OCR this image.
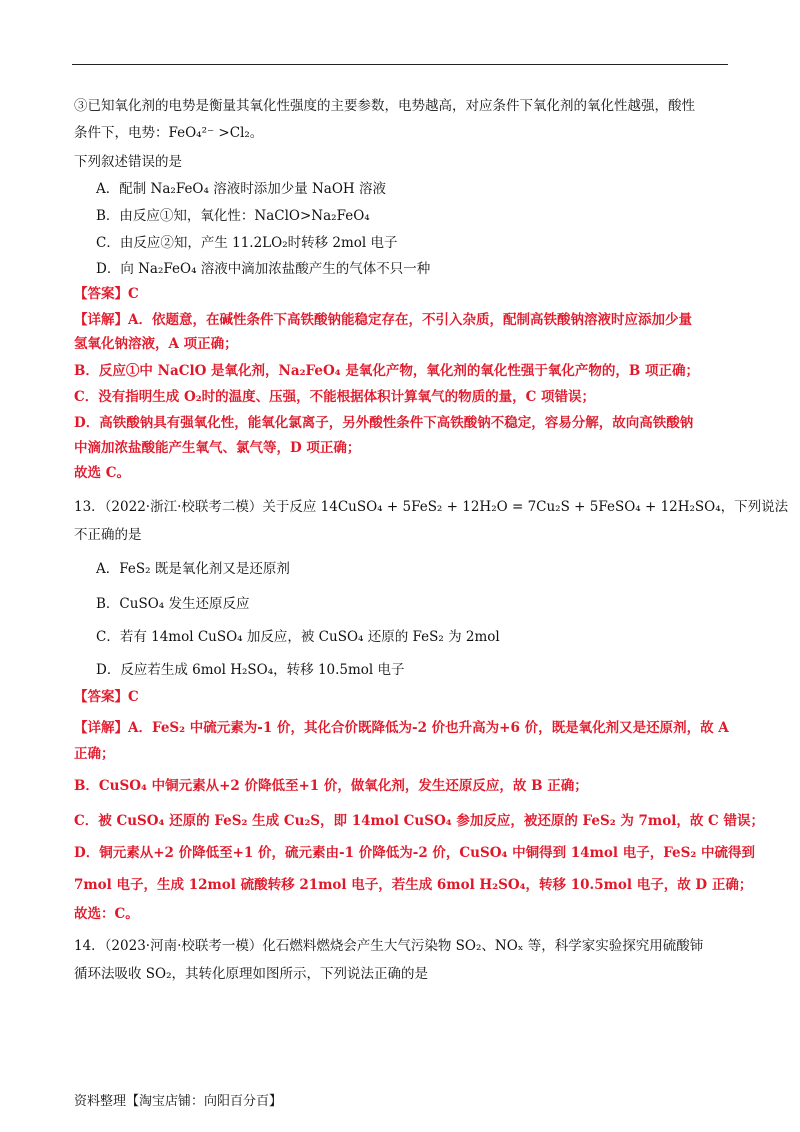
③已知氧化剂的电势是衡量其氧化性强度的主要参数，电势越高，对应条件下氧化剂的氧化性越强，酸性
条件下，电势：FeO₄²⁻ >Cl₂。
下列叙述错误的是
A．配制 Na₂FeO₄ 溶液时添加少量 NaOH 溶液
B．由反应①知，氧化性：NaClO>Na₂FeO₄
C．由反应②知，产生 11.2LO₂时转移 2mol 电子
D．向 Na₂FeO₄ 溶液中滴加浓盐酸产生的气体不只一种
【答案】C
【详解】A．依题意，在碱性条件下高铁酸钠能稳定存在，不引入杂质，配制高铁酸钠溶液时应添加少量
氢氧化钠溶液，A 项正确；
B．反应①中 NaClO 是氧化剂，Na₂FeO₄ 是氧化产物，氧化剂的氧化性强于氧化产物的，B 项正确；
C．没有指明生成 O₂时的温度、压强，不能根据体积计算氧气的物质的量，C 项错误；
D．高铁酸钠具有强氧化性，能氧化氯离子，另外酸性条件下高铁酸钠不稳定，容易分解，故向高铁酸钠
中滴加浓盐酸能产生氧气、氯气等，D 项正确；
故选 C。
13．（2022·浙江·校联考二模）关于反应 14CuSO₄ + 5FeS₂ + 12H₂O = 7Cu₂S + 5FeSO₄ + 12H₂SO₄，下列说法
不正确的是
A．FeS₂ 既是氧化剂又是还原剂
B．CuSO₄ 发生还原反应
C．若有 14mol CuSO₄ 加反应，被 CuSO₄ 还原的 FeS₂ 为 2mol
D．反应若生成 6mol H₂SO₄，转移 10.5mol 电子
【答案】C
【详解】A．FeS₂ 中硫元素为-1 价，其化合价既降低为-2 价也升高为+6 价，既是氧化剂又是还原剂，故 A
正确；
B．CuSO₄ 中铜元素从+2 价降低至+1 价，做氧化剂，发生还原反应，故 B 正确；
C．被 CuSO₄ 还原的 FeS₂ 生成 Cu₂S，即 14mol CuSO₄ 参加反应，被还原的 FeS₂ 为 7mol，故 C 错误；
D．铜元素从+2 价降低至+1 价，硫元素由-1 价降低为-2 价，CuSO₄ 中铜得到 14mol 电子，FeS₂ 中硫得到
7mol 电子，生成 12mol 硫酸转移 21mol 电子，若生成 6mol H₂SO₄，转移 10.5mol 电子，故 D 正确；
故选：C。
14．（2023·河南·校联考一模）化石燃料燃烧会产生大气污染物 SO₂、NOₓ 等，科学家实验探究用硫酸铈
循环法吸收 SO₂，其转化原理如图所示，下列说法正确的是
资料整理【淘宝店铺：向阳百分百】
